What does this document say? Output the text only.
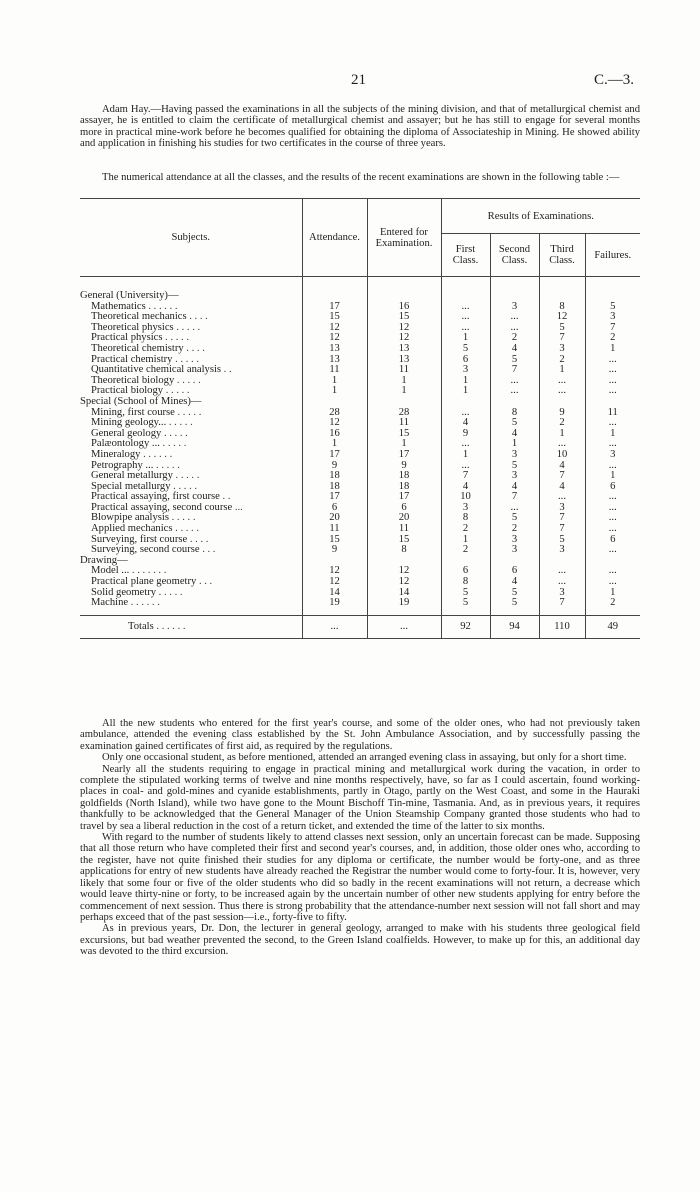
21	C.—3.

Adam Hay.—Having passed the examinations in all the subjects of the mining division, and that of metallurgical chemist and assayer, he is entitled to claim the certificate of metallurgical chemist and assayer; but he has still to engage for several months more in practical mine-work before he becomes qualified for obtaining the diploma of Associateship in Mining. He showed ability and application in finishing his studies for two certificates in the course of three years.

The numerical attendance at all the classes, and the results of the recent examinations are shown in the following table :—

Subjects.	Attendance.	Entered for Examination.	Results of Examinations.			
			First Class.	Second Class.	Third Class.	Failures.

General (University)—						
Mathematics . . . . . .	17	16	...	3	8	5
Theoretical mechanics . . . .	15	15	...	...	12	3
Theoretical physics . . . . .	12	12	...	...	5	7
Practical physics . . . . .	12	12	1	2	7	2
Theoretical chemistry . . . .	13	13	5	4	3	1
Practical chemistry . . . . .	13	13	6	5	2	...
Quantitative chemical analysis . .	11	11	3	7	1	...
Theoretical biology . . . . .	1	1	1	...	...	...
Practical biology . . . . .	1	1	1	...	...	...
Special (School of Mines)—						
Mining, first course . . . . .	28	28	...	8	9	11
Mining geology... . . . . .	12	11	4	5	2	...
General geology . . . . .	16	15	9	4	1	1
Palæontology ... . . . . .	1	1	...	1	...	...
Mineralogy . . . . . .	17	17	1	3	10	3
Petrography ... . . . . .	9	9	...	5	4	...
General metallurgy . . . . .	18	18	7	3	7	1
Special metallurgy . . . . .	18	18	4	4	4	6
Practical assaying, first course . .	17	17	10	7	...	...
Practical assaying, second course ...	6	6	3	...	3	...
Blowpipe analysis . . . . .	20	20	8	5	7	...
Applied mechanics . . . . .	11	11	2	2	7	...
Surveying, first course . . . .	15	15	1	3	5	6
Surveying, second course . . .	9	8	2	3	3	...
Drawing—						
Model ... . . . . . . .	12	12	6	6	...	...
Practical plane geometry . . .	12	12	8	4	...	...
Solid geometry . . . . .	14	14	5	5	3	1
Machine . . . . . .	19	19	5	5	7	2

Totals . . . . . .	...	...	92	94	110	49

All the new students who entered for the first year's course, and some of the older ones, who had not previously taken ambulance, attended the evening class established by the St. John Ambulance Association, and by successfully passing the examination gained certificates of first aid, as required by the regulations.

Only one occasional student, as before mentioned, attended an arranged evening class in assaying, but only for a short time.

Nearly all the students requiring to engage in practical mining and metallurgical work during the vacation, in order to complete the stipulated working terms of twelve and nine months respectively, have, so far as I could ascertain, found working-places in coal- and gold-mines and cyanide establishments, partly in Otago, partly on the West Coast, and some in the Hauraki goldfields (North Island), while two have gone to the Mount Bischoff Tin-mine, Tasmania. And, as in previous years, it requires thankfully to be acknowledged that the General Manager of the Union Steamship Company granted those students who had to travel by sea a liberal reduction in the cost of a return ticket, and extended the time of the latter to six months.

With regard to the number of students likely to attend classes next session, only an uncertain forecast can be made. Supposing that all those return who have completed their first and second year's courses, and, in addition, those older ones who, according to the register, have not quite finished their studies for any diploma or certificate, the number would be forty-one, and as three applications for entry of new students have already reached the Registrar the number would come to forty-four. It is, however, very likely that some four or five of the older students who did so badly in the recent examinations will not return, a decrease which would leave thirty-nine or forty, to be increased again by the uncertain number of other new students applying for entry before the commencement of next session. Thus there is strong probability that the attendance-number next session will not fall short and may perhaps exceed that of the past session—i.e., forty-five to fifty.

As in previous years, Dr. Don, the lecturer in general geology, arranged to make with his students three geological field excursions, but bad weather prevented the second, to the Green Island coalfields. However, to make up for this, an additional day was devoted to the third excursion.
